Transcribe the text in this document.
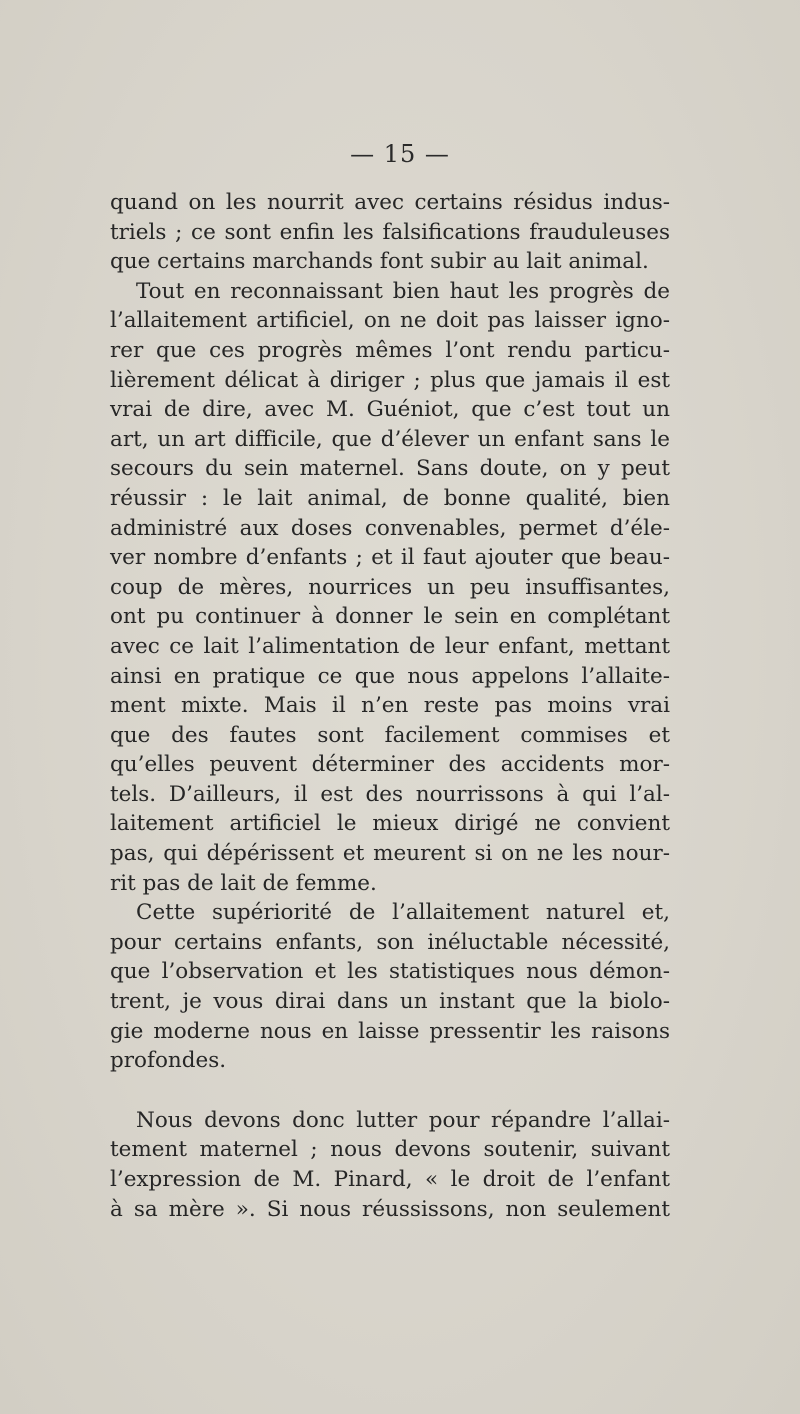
— 15 —
quand on les nourrit avec certains résidus indus-
triels ; ce sont enfin les falsifications frauduleuses
que certains marchands font subir au lait animal.
Tout en reconnaissant bien haut les progrès de
l’allaitement artificiel, on ne doit pas laisser igno-
rer que ces progrès mêmes l’ont rendu particu-
lièrement délicat à diriger ; plus que jamais il est
vrai de dire, avec M. Guéniot, que c’est tout un
art, un art difficile, que d’élever un enfant sans le
secours du sein maternel. Sans doute, on y peut
réussir : le lait animal, de bonne qualité, bien
administré aux doses convenables, permet d’éle-
ver nombre d’enfants ; et il faut ajouter que beau-
coup de mères, nourrices un peu insuffisantes,
ont pu continuer à donner le sein en complétant
avec ce lait l’alimentation de leur enfant, mettant
ainsi en pratique ce que nous appelons l’allaite-
ment mixte. Mais il n’en reste pas moins vrai
que des fautes sont facilement commises et
qu’elles peuvent déterminer des accidents mor-
tels. D’ailleurs, il est des nourrissons à qui l’al-
laitement artificiel le mieux dirigé ne convient
pas, qui dépérissent et meurent si on ne les nour-
rit pas de lait de femme.
Cette supériorité de l’allaitement naturel et,
pour certains enfants, son inéluctable nécessité,
que l’observation et les statistiques nous démon-
trent, je vous dirai dans un instant que la biolo-
gie moderne nous en laisse pressentir les raisons
profondes.
Nous devons donc lutter pour répandre l’allai-
tement maternel ; nous devons soutenir, suivant
l’expression de M. Pinard, « le droit de l’enfant
à sa mère ». Si nous réussissons, non seulement
